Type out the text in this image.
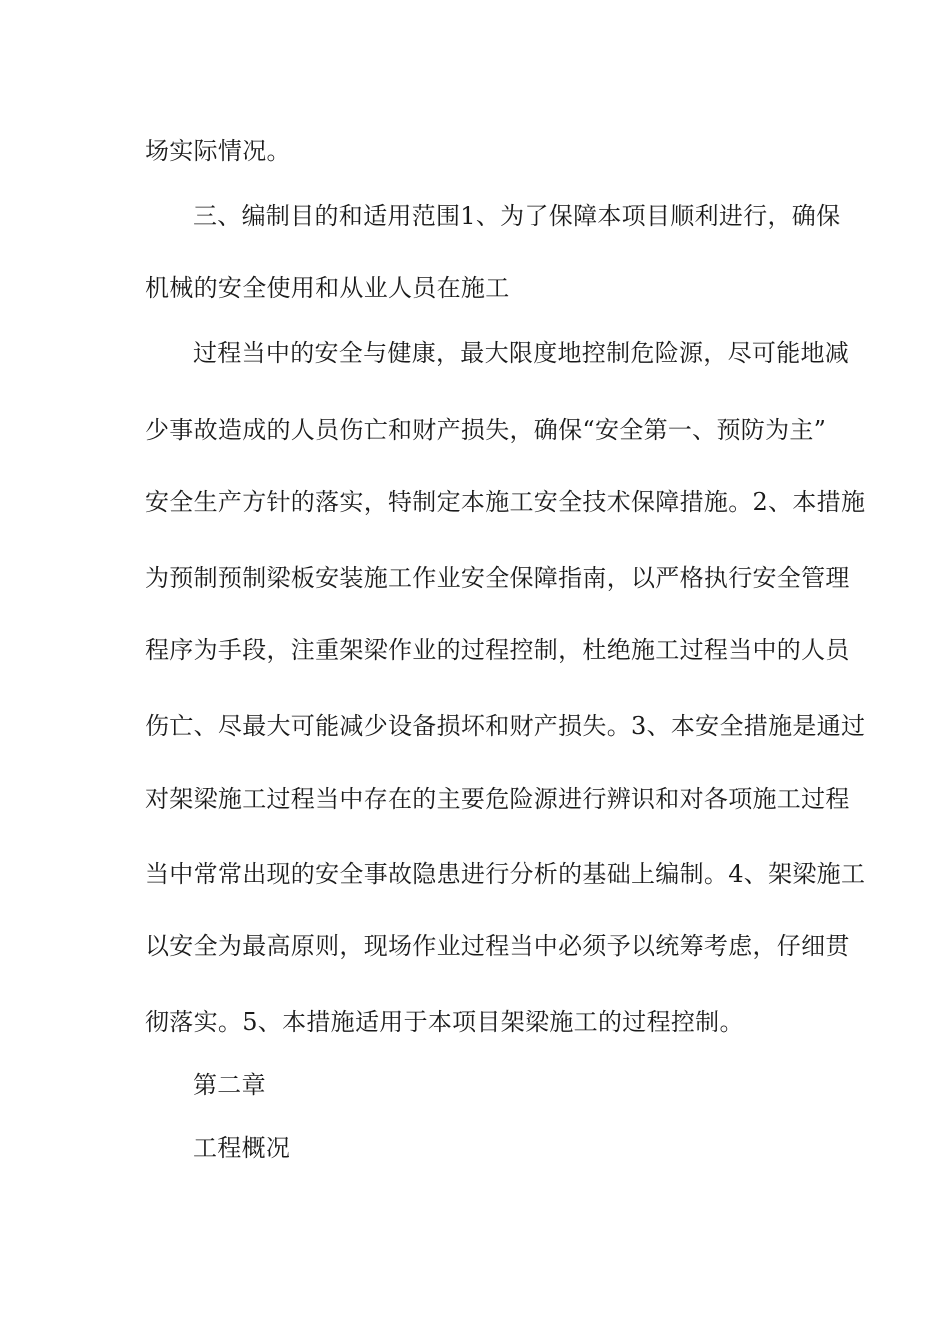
场实际情况。
三、编制目的和适用范围1、为了保障本项目顺利进行，确保
机械的安全使用和从业人员在施工
过程当中的安全与健康，最大限度地控制危险源，尽可能地减
少事故造成的人员伤亡和财产损失，确保“安全第一、预防为主”
安全生产方针的落实，特制定本施工安全技术保障措施。2、本措施
为预制预制梁板安装施工作业安全保障指南，以严格执行安全管理
程序为手段，注重架梁作业的过程控制，杜绝施工过程当中的人员
伤亡、尽最大可能减少设备损坏和财产损失。3、本安全措施是通过
对架梁施工过程当中存在的主要危险源进行辨识和对各项施工过程
当中常常出现的安全事故隐患进行分析的基础上编制。4、架梁施工
以安全为最高原则，现场作业过程当中必须予以统筹考虑，仔细贯
彻落实。5、本措施适用于本项目架梁施工的过程控制。
第二章
工程概况
